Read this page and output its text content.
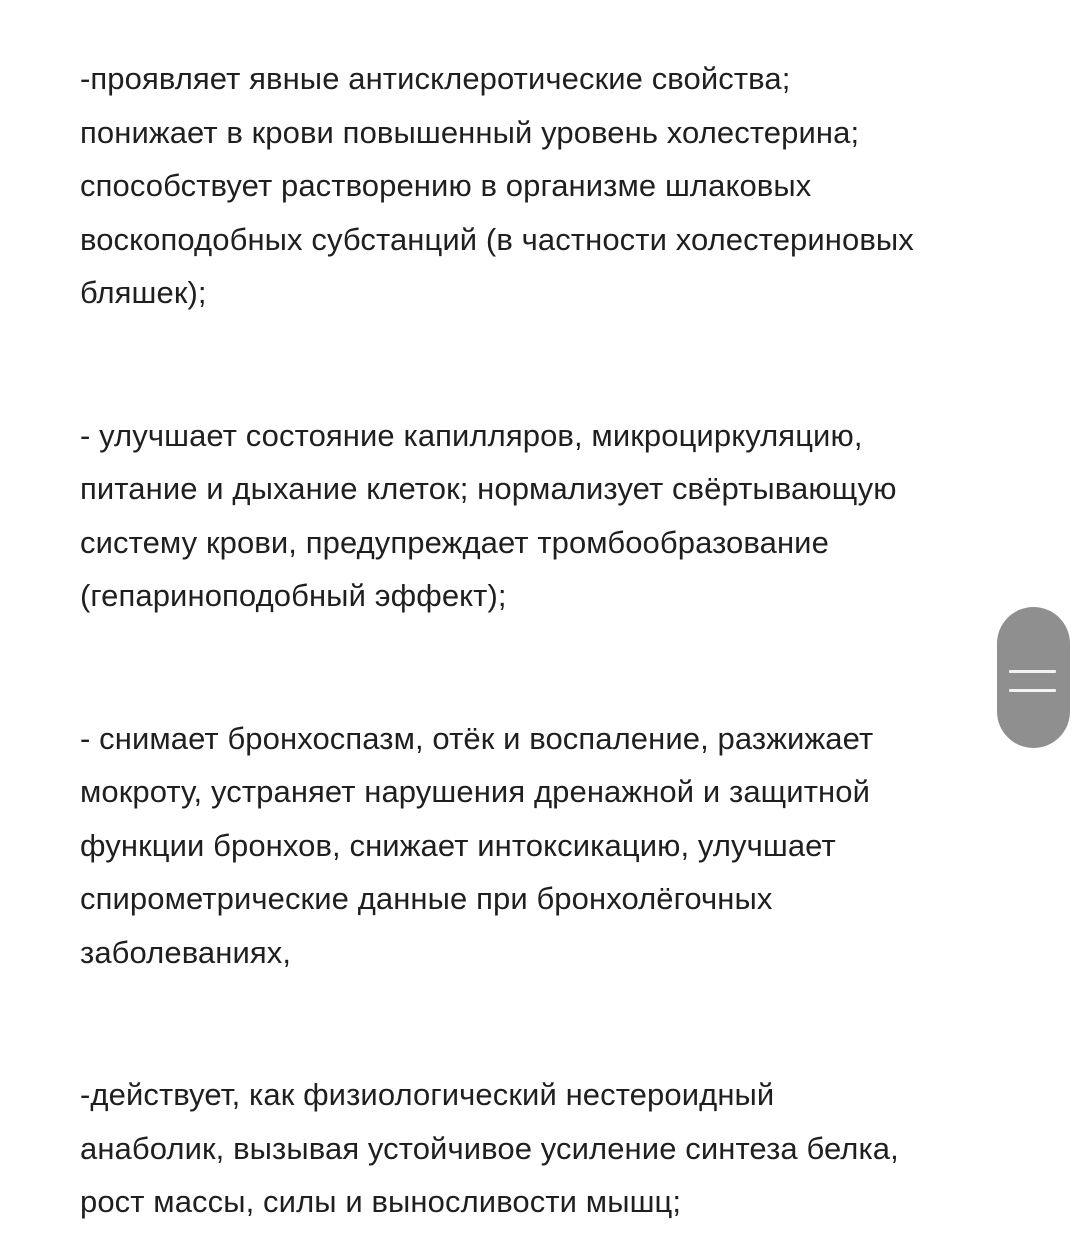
-проявляет явные антисклеротические свойства;
понижает в крови повышенный уровень холестерина;
способствует растворению в организме шлаковых
воскоподобных субстанций (в частности холестериновых
бляшек);

- улучшает состояние капилляров, микроциркуляцию,
питание и дыхание клеток; нормализует свёртывающую
систему крови, предупреждает тромбообразование
(гепариноподобный эффект);

- снимает бронхоспазм, отёк и воспаление, разжижает
мокроту, устраняет нарушения дренажной и защитной
функции бронхов, снижает интоксикацию, улучшает
спирометрические данные при бронхолёгочных
заболеваниях,

-действует, как физиологический нестероидный
анаболик, вызывая устойчивое усиление синтеза белка,
рост массы, силы и выносливости мышц;
